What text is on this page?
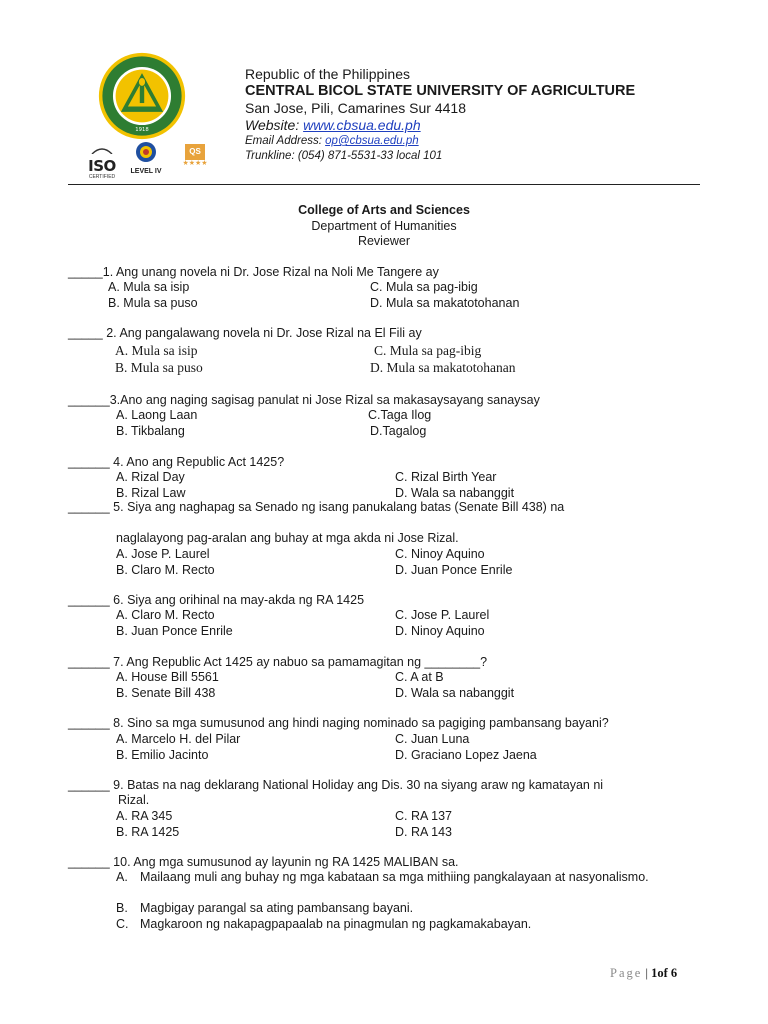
1918
ISO
CERTIFIED
LEVEL IV
QS
★★★★
Republic of the Philippines
CENTRAL BICOL STATE UNIVERSITY OF AGRICULTURE
San Jose, Pili, Camarines Sur 4418
Website: www.cbsua.edu.ph
Email Address: op@cbsua.edu.ph
Trunkline: (054) 871-5531-33 local 101
College of Arts and Sciences
Department of Humanities
Reviewer
_____1. Ang unang novela ni Dr. Jose Rizal na Noli Me Tangere ay
A. Mula sa isip
B. Mula sa puso
C. Mula sa pag-ibig
D. Mula sa makatotohanan
_____ 2. Ang pangalawang novela ni Dr. Jose Rizal na El Fili ay
A. Mula sa isip
B. Mula sa puso
C. Mula sa pag-ibig
D. Mula sa makatotohanan
______3.Ano ang naging sagisag panulat ni Jose Rizal sa makasaysayang sanaysay
A. Laong Laan
B. Tikbalang
C.Taga Ilog
D.Tagalog
______ 4. Ano ang Republic Act 1425?
A. Rizal Day
B. Rizal Law
C. Rizal Birth Year
D. Wala sa nabanggit
______ 5. Siya ang naghapag sa Senado ng isang panukalang batas (Senate Bill 438) na
naglalayong pag-aralan ang buhay at mga akda ni Jose Rizal.
A. Jose P. Laurel
B. Claro M. Recto
C. Ninoy Aquino
D. Juan Ponce Enrile
______ 6. Siya ang orihinal na may-akda ng RA 1425
A. Claro M. Recto
B. Juan Ponce Enrile
C. Jose P. Laurel
D. Ninoy Aquino
______ 7. Ang Republic Act 1425 ay nabuo sa pamamagitan ng ________?
A. House Bill 5561
B. Senate Bill 438
C. A at B
D. Wala sa nabanggit
______ 8. Sino sa mga sumusunod ang hindi naging nominado sa pagiging pambansang bayani?
A. Marcelo H. del Pilar
B. Emilio Jacinto
C. Juan Luna
D. Graciano Lopez Jaena
______ 9. Batas na nag deklarang National Holiday ang Dis. 30 na siyang araw ng kamatayan ni
Rizal.
A. RA 345
B. RA 1425
C. RA 137
D. RA 143
______ 10. Ang mga sumusunod ay layunin ng RA 1425 MALIBAN sa.
A. Mailaang muli ang buhay ng mga kabataan sa mga mithiing pangkalayaan at nasyonalismo.
B. Magbigay parangal sa ating pambansang bayani.
C. Magkaroon ng nakapagpapaalab na pinagmulan ng pagkamakabayan.
Page | 1of 6
